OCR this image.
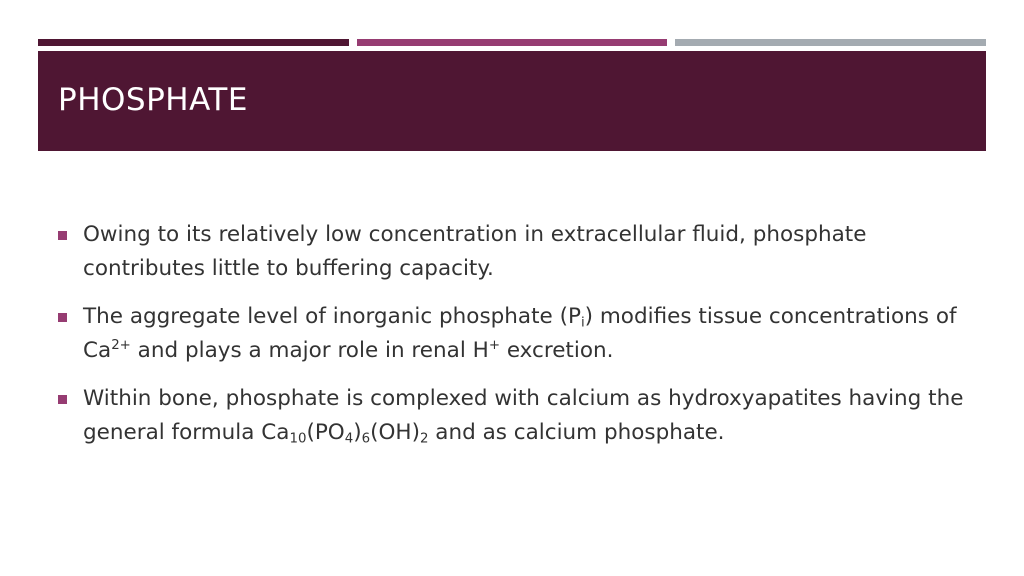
PHOSPHATE
Owing to its relatively low concentration in extracellular fluid, phosphate contributes little to buffering capacity.
The aggregate level of inorganic phosphate $(P_i)$ modifies tissue concentrations of $Ca^{2+}$ and plays a major role in renal H+ excretion.
Within bone, phosphate is complexed with calcium as hydroxyapatites having the general formula $Ca_{10}(PO_4)_6(OH)_2$ and as calcium phosphate.
